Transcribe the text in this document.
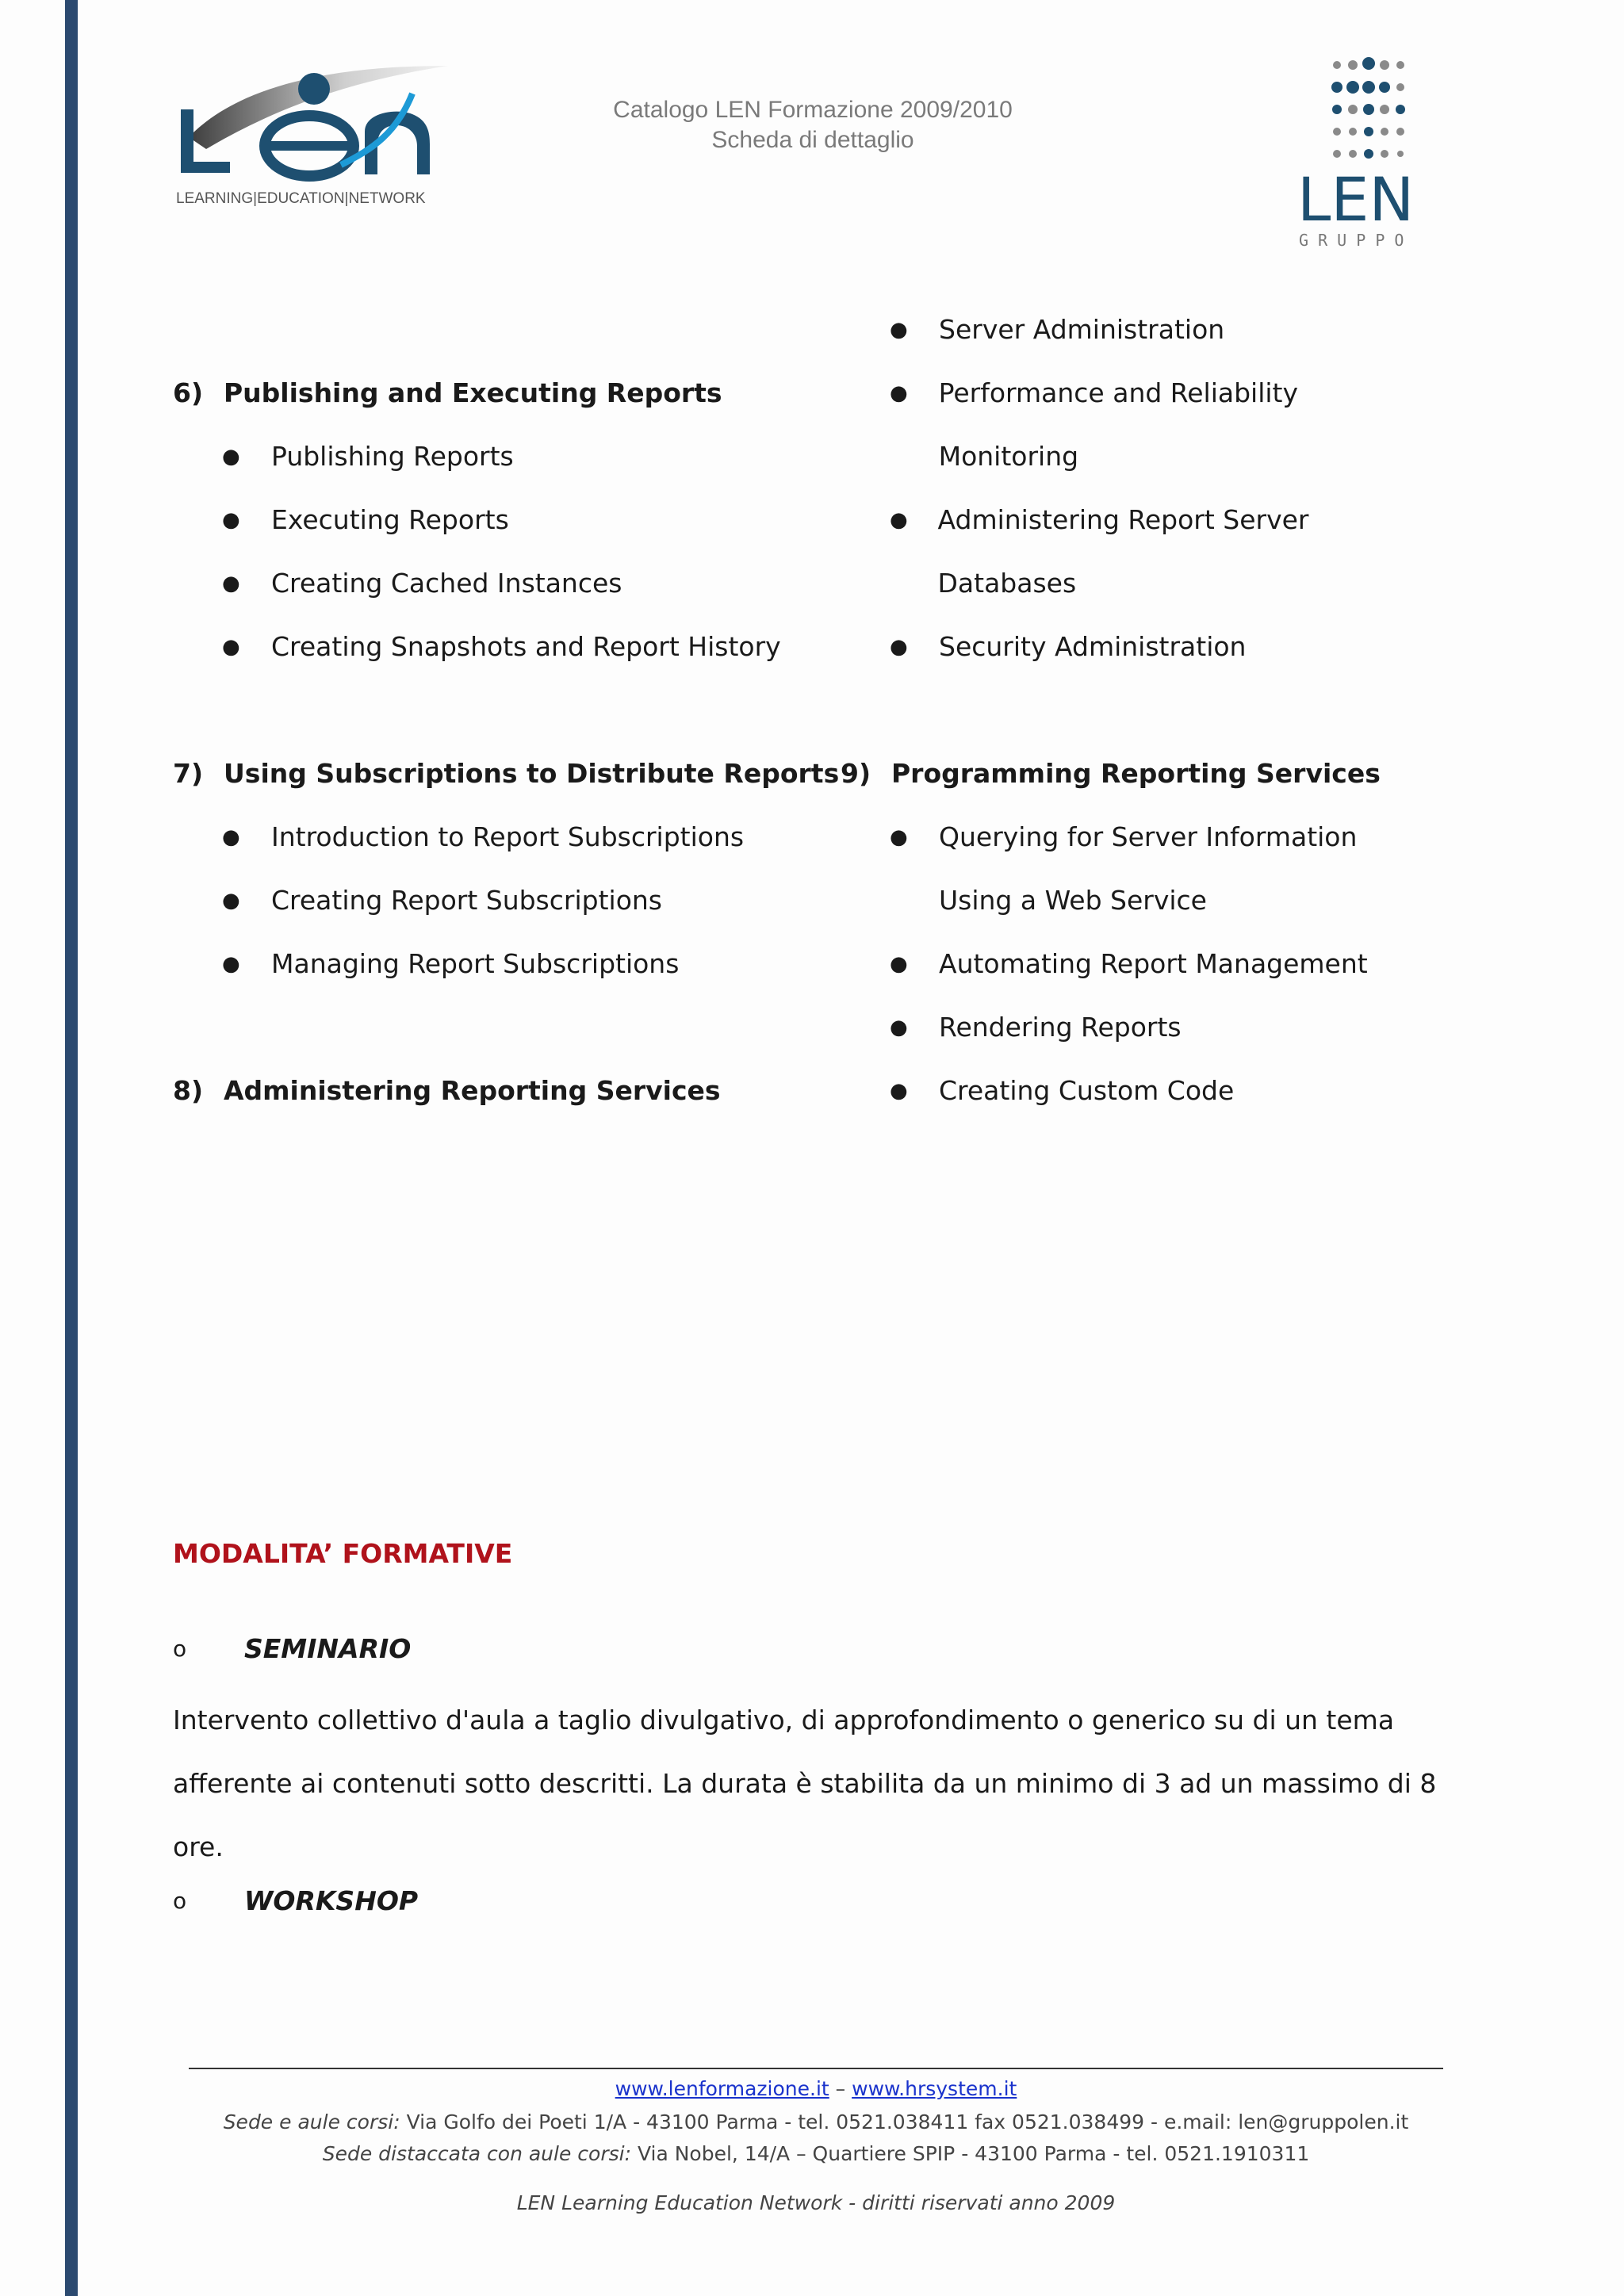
LEARNING|EDUCATION|NETWORK
Catalogo LEN Formazione 2009/2010
Scheda di dettaglio
LEN
G R U P P O
6) Publishing and Executing Reports
●	Publishing Reports
●	Executing Reports
●	Creating Cached Instances
●	Creating Snapshots and Report History
7) Using Subscriptions to Distribute Reports
●	Introduction to Report Subscriptions
●	Creating Report Subscriptions
●	Managing Report Subscriptions
8) Administering Reporting Services
●	Server Administration
●	Performance and Reliability Monitoring
●	Administering Report Server Databases
●	Security Administration
9) Programming Reporting Services
●	Querying for Server Information Using a Web Service
●	Automating Report Management
●	Rendering Reports
●	Creating Custom Code
MODALITA’ FORMATIVE
o	SEMINARIO
Intervento collettivo d'aula a taglio divulgativo, di approfondimento o generico su di un tema afferente ai contenuti sotto descritti. La durata è stabilita da un minimo di 3 ad un massimo di 8 ore.
o	WORKSHOP
www.lenformazione.it – www.hrsystem.it
Sede e aule corsi: Via Golfo dei Poeti 1/A - 43100 Parma - tel. 0521.038411 fax 0521.038499 - e.mail: len@gruppolen.it
Sede distaccata con aule corsi: Via Nobel, 14/A – Quartiere SPIP - 43100 Parma - tel. 0521.1910311
LEN Learning Education Network - diritti riservati anno 2009
